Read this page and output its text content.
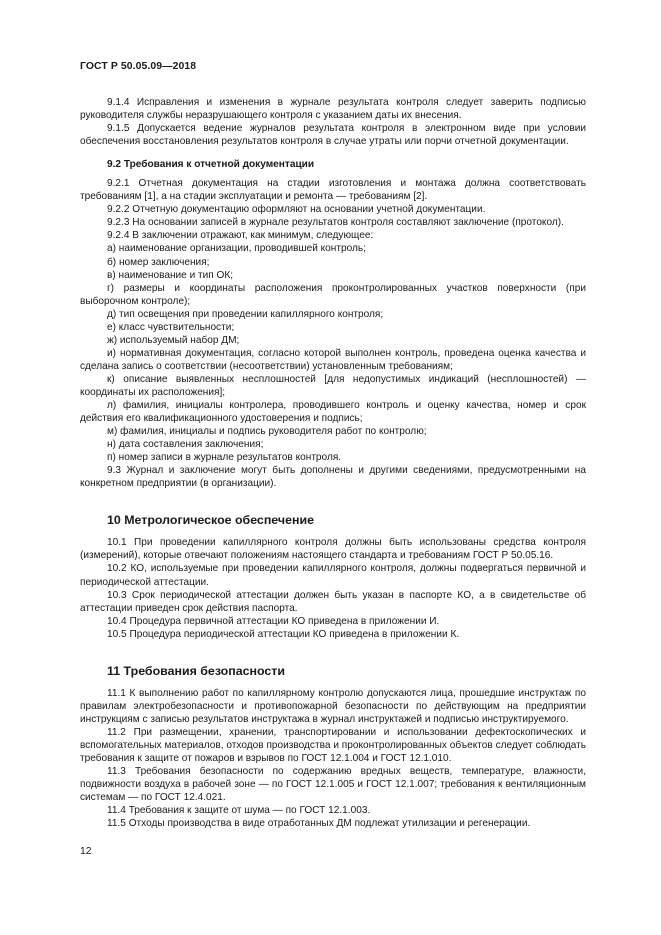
ГОСТ Р 50.05.09—2018

9.1.4 Исправления и изменения в журнале результата контроля следует заверить подписью руководителя службы неразрушающего контроля с указанием даты их внесения.

9.1.5 Допускается ведение журналов результата контроля в электронном виде при условии обеспечения восстановления результатов контроля в случае утраты или порчи отчетной документации.

9.2 Требования к отчетной документации

9.2.1 Отчетная документация на стадии изготовления и монтажа должна соответствовать требованиям [1], а на стадии эксплуатации и ремонта — требованиям [2].

9.2.2 Отчетную документацию оформляют на основании учетной документации.

9.2.3 На основании записей в журнале результатов контроля составляют заключение (протокол).

9.2.4 В заключении отражают, как минимум, следующее:

а) наименование организации, проводившей контроль;

б) номер заключения;

в) наименование и тип ОК;

г) размеры и координаты расположения проконтролированных участков поверхности (при выборочном контроле);

д) тип освещения при проведении капиллярного контроля;

е) класс чувствительности;

ж) используемый набор ДМ;

и) нормативная документация, согласно которой выполнен контроль, проведена оценка качества и сделана запись о соответствии (несоответствии) установленным требованиям;

к) описание выявленных несплошностей [для недопустимых индикаций (несплошностей) — координаты их расположения];

л) фамилия, инициалы контролера, проводившего контроль и оценку качества, номер и срок действия его квалификационного удостоверения и подпись;

м) фамилия, инициалы и подпись руководителя работ по контролю;

н) дата составления заключения;

п) номер записи в журнале результатов контроля.

9.3 Журнал и заключение могут быть дополнены и другими сведениями, предусмотренными на конкретном предприятии (в организации).

10 Метрологическое обеспечение

10.1 При проведении капиллярного контроля должны быть использованы средства контроля (измерений), которые отвечают положениям настоящего стандарта и требованиям ГОСТ Р 50.05.16.

10.2 КО, используемые при проведении капиллярного контроля, должны подвергаться первичной и периодической аттестации.

10.3 Срок периодической аттестации должен быть указан в паспорте КО, а в свидетельстве об аттестации приведен срок действия паспорта.

10.4 Процедура первичной аттестации КО приведена в приложении И.

10.5 Процедура периодической аттестации КО приведена в приложении К.

11 Требования безопасности

11.1 К выполнению работ по капиллярному контролю допускаются лица, прошедшие инструктаж по правилам электробезопасности и противопожарной безопасности по действующим на предприятии инструкциям с записью результатов инструктажа в журнал инструктажей и подписью инструктируемого.

11.2 При размещении, хранении, транспортировании и использовании дефектоскопических и вспомогательных материалов, отходов производства и проконтролированных объектов следует соблюдать требования к защите от пожаров и взрывов по ГОСТ 12.1.004 и ГОСТ 12.1.010.

11.3 Требования безопасности по содержанию вредных веществ, температуре, влажности, подвижности воздуха в рабочей зоне — по ГОСТ 12.1.005 и ГОСТ 12.1.007; требования к вентиляционным системам — по ГОСТ 12.4.021.

11.4 Требования к защите от шума — по ГОСТ 12.1.003.

11.5 Отходы производства в виде отработанных ДМ подлежат утилизации и регенерации.

12
